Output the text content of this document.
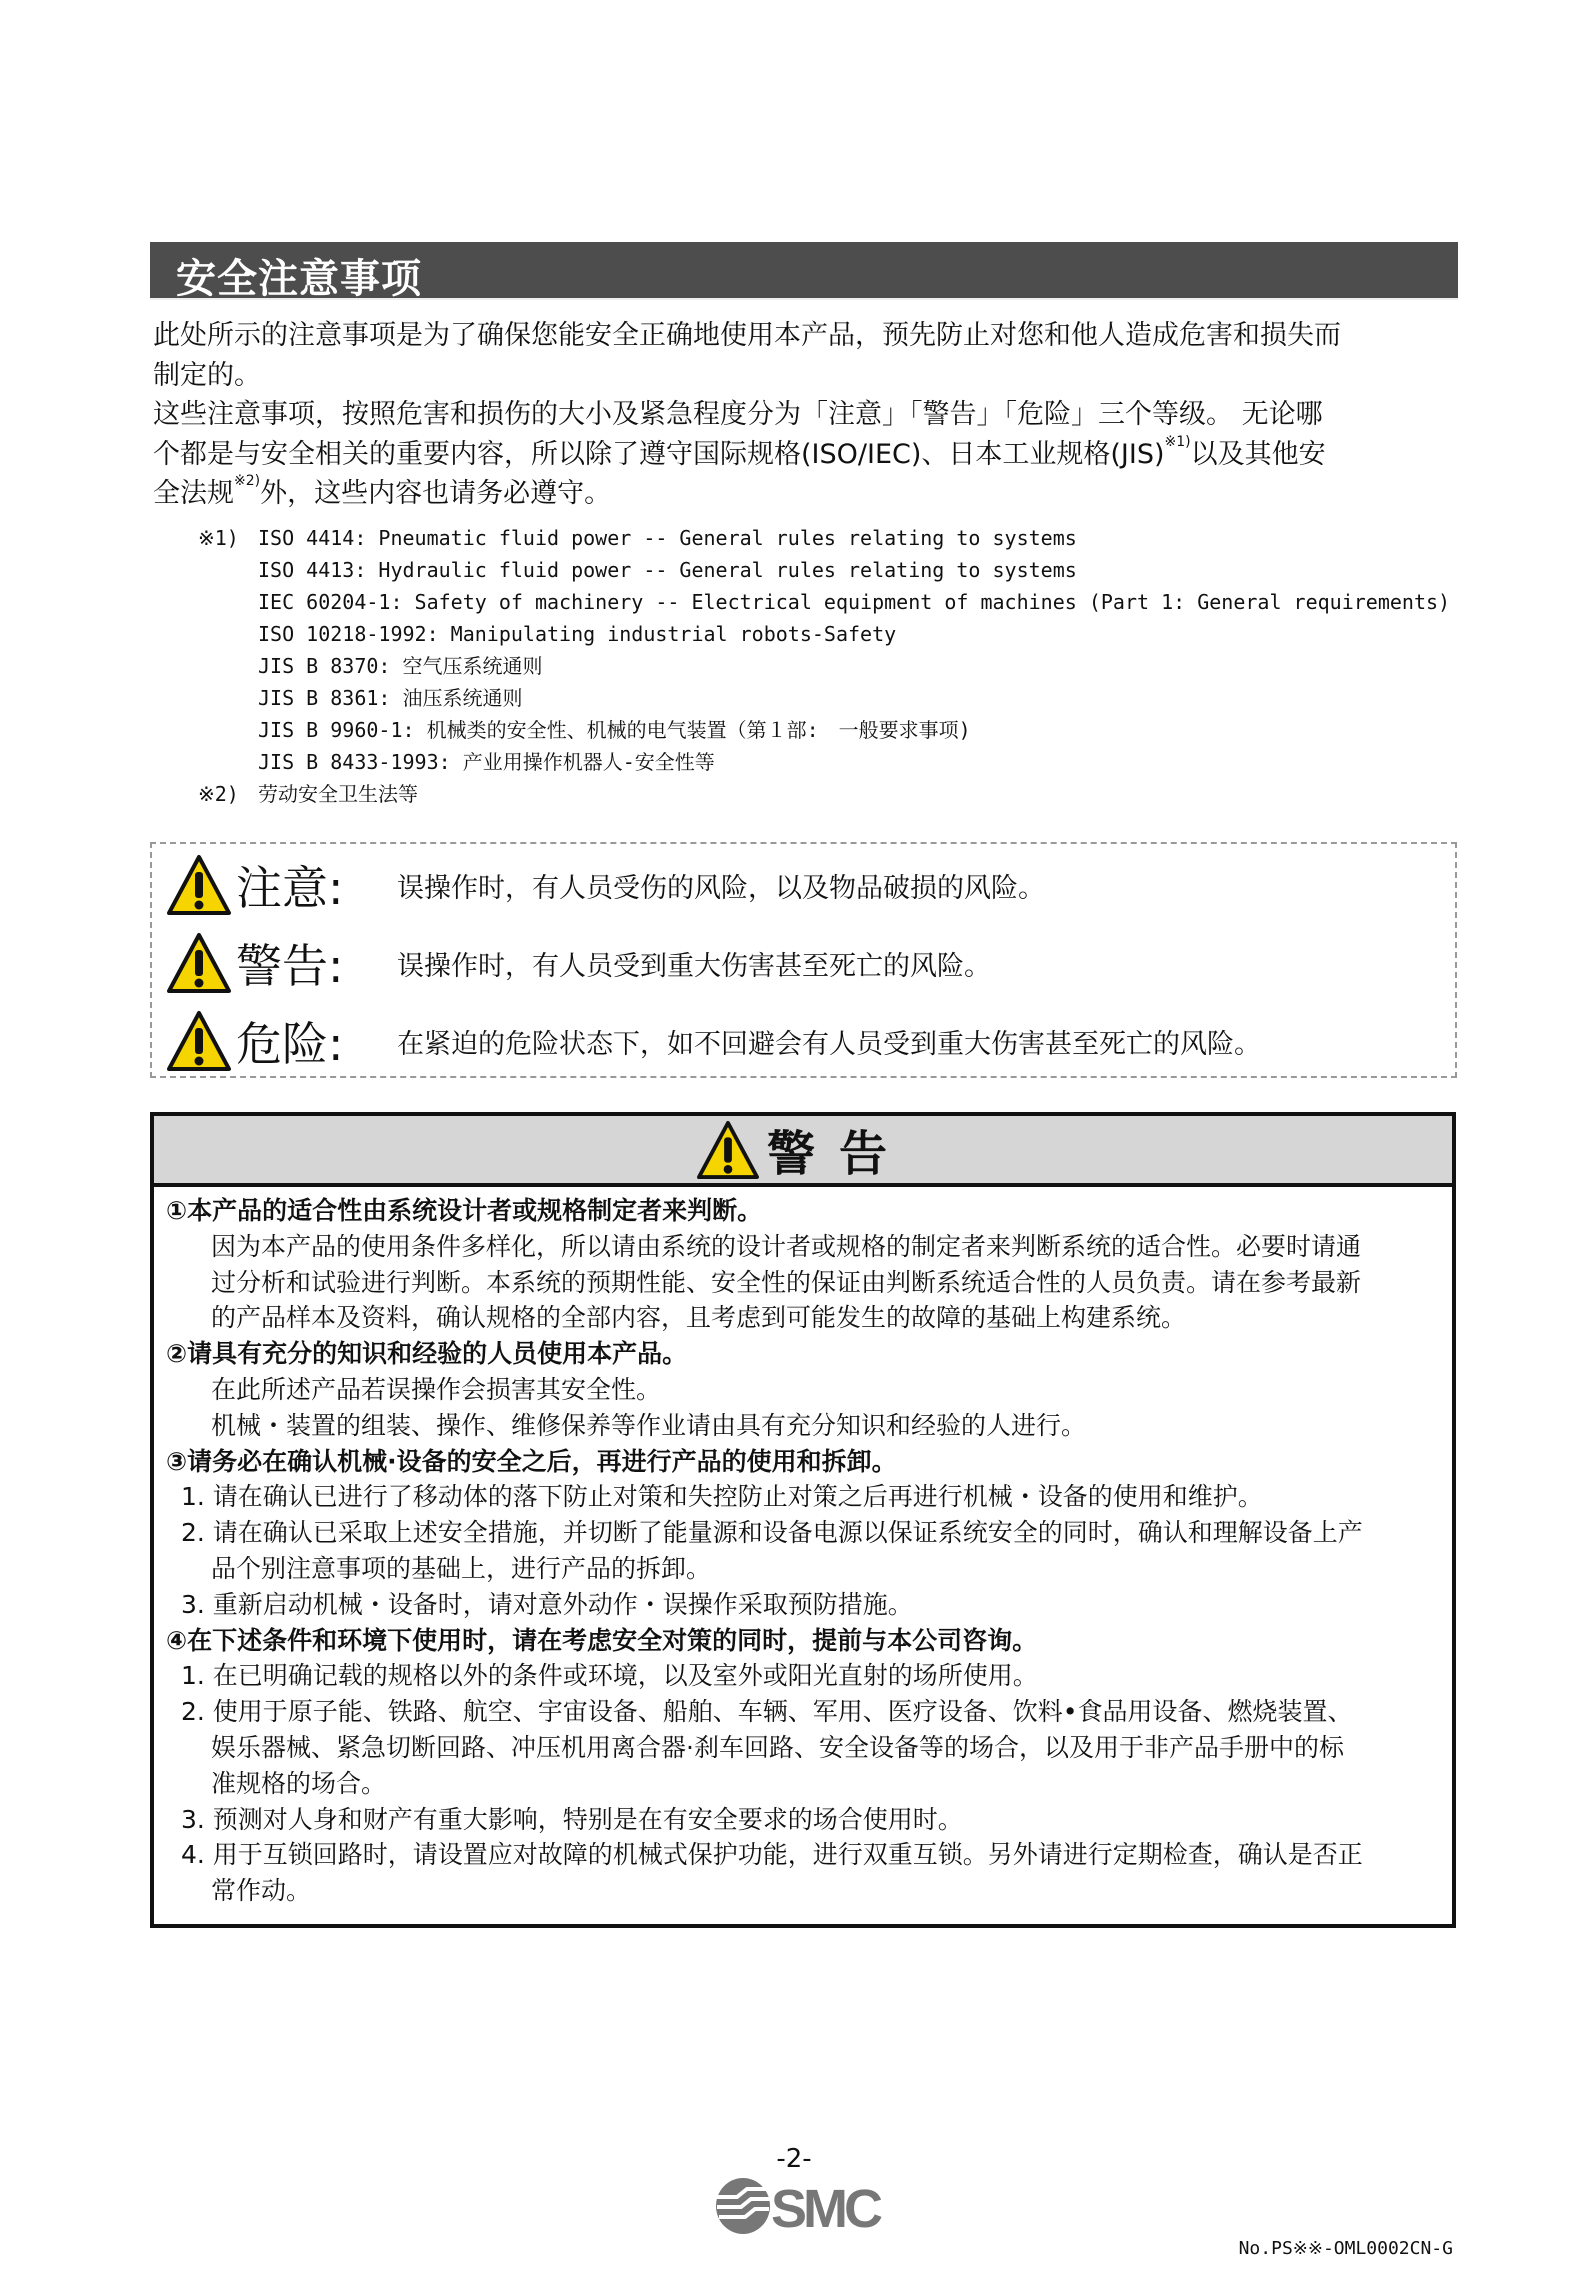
安全注意事项
此处所示的注意事项是为了确保您能安全正确地使用本产品，预先防止对您和他人造成危害和损失而
制定的。
这些注意事项，按照危害和损伤的大小及紧急程度分为「注意」「警告」「危险」三个等级。 无论哪
个都是与安全相关的重要内容，所以除了遵守国际规格(ISO/IEC)、日本工业规格(JIS)$^{※1)}$以及其他安
全法规$^{※2)}$外，这些内容也请务必遵守。
※1) ISO 4414: Pneumatic fluid power -- General rules relating to systems
ISO 4413: Hydraulic fluid power -- General rules relating to systems
IEC 60204-1: Safety of machinery -- Electrical equipment of machines (Part 1: General requirements)
ISO 10218-1992: Manipulating industrial robots-Safety
JIS B 8370: 空气压系统通则
JIS B 8361: 油压系统通则
JIS B 9960-1: 机械类的安全性、机械的电气装置（第１部:　一般要求事项)
JIS B 8433-1993: 产业用操作机器人-安全性等
※2) 劳动安全卫生法等
注意:	误操作时，有人员受伤的风险，以及物品破损的风险。
警告:	误操作时，有人员受到重大伤害甚至死亡的风险。
危险:	在紧迫的危险状态下，如不回避会有人员受到重大伤害甚至死亡的风险。
警告
①本产品的适合性由系统设计者或规格制定者来判断。
因为本产品的使用条件多样化，所以请由系统的设计者或规格的制定者来判断系统的适合性。必要时请通
过分析和试验进行判断。本系统的预期性能、安全性的保证由判断系统适合性的人员负责。请在参考最新
的产品样本及资料，确认规格的全部内容，且考虑到可能发生的故障的基础上构建系统。
②请具有充分的知识和经验的人员使用本产品。
在此所述产品若误操作会损害其安全性。
机械・装置的组装、操作、维修保养等作业请由具有充分知识和经验的人进行。
③请务必在确认机械·设备的安全之后，再进行产品的使用和拆卸。
1. 请在确认已进行了移动体的落下防止对策和失控防止对策之后再进行机械・设备的使用和维护。
2. 请在确认已采取上述安全措施，并切断了能量源和设备电源以保证系统安全的同时，确认和理解设备上产
品个别注意事项的基础上，进行产品的拆卸。
3. 重新启动机械・设备时，请对意外动作・误操作采取预防措施。
④在下述条件和环境下使用时，请在考虑安全对策的同时，提前与本公司咨询。
1. 在已明确记载的规格以外的条件或环境，以及室外或阳光直射的场所使用。
2. 使用于原子能、铁路、航空、宇宙设备、船舶、车辆、军用、医疗设备、饮料•食品用设备、燃烧装置、
娱乐器械、紧急切断回路、冲压机用离合器·刹车回路、安全设备等的场合，以及用于非产品手册中的标
准规格的场合。
3. 预测对人身和财产有重大影响，特别是在有安全要求的场合使用时。
4. 用于互锁回路时，请设置应对故障的机械式保护功能，进行双重互锁。另外请进行定期检查，确认是否正
常作动。
-2-
SMC
No.PS※※-OML0002CN-G
